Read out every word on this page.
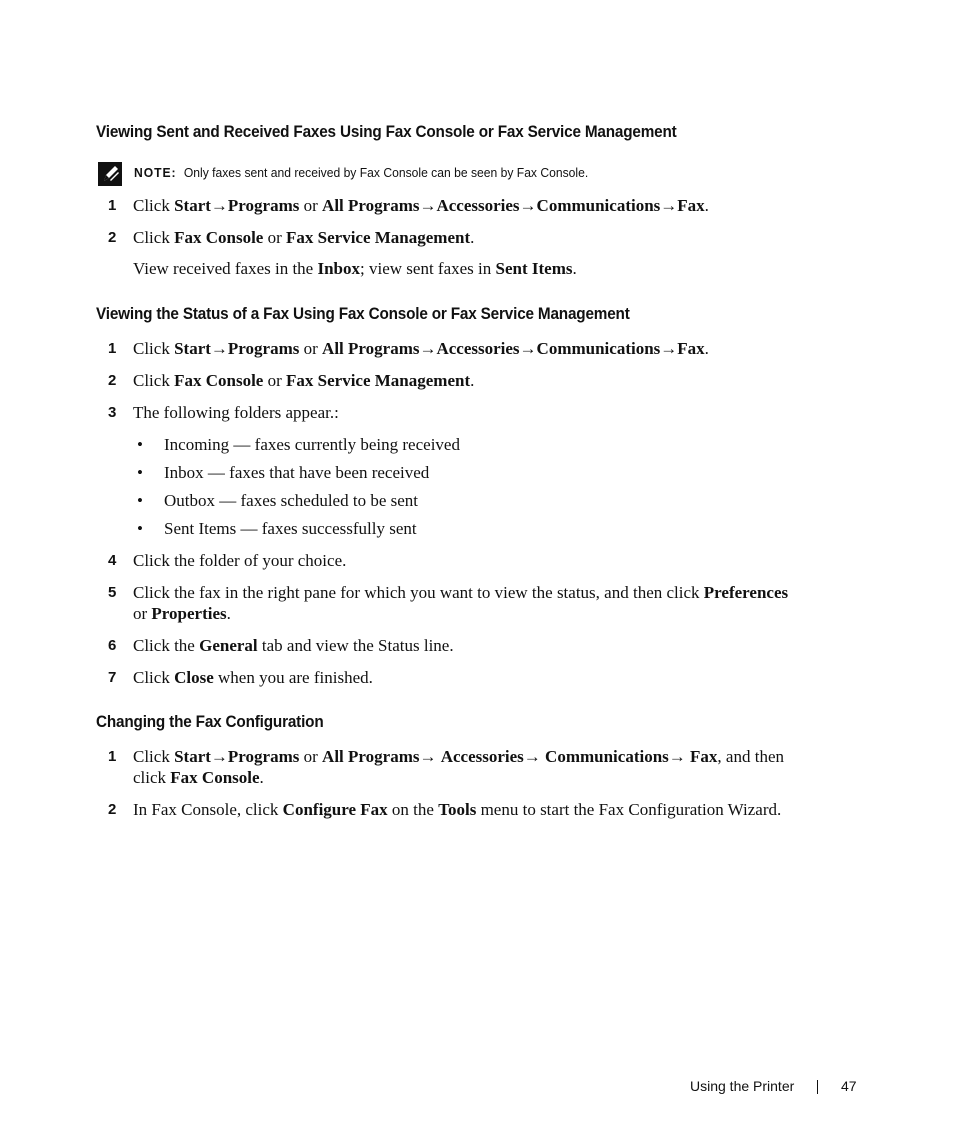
Viewing Sent and Received Faxes Using Fax Console or Fax Service Management
NOTE: Only faxes sent and received by Fax Console can be seen by Fax Console.
1 Click Start→Programs or All Programs→Accessories→Communications→Fax.
2 Click Fax Console or Fax Service Management.
View received faxes in the Inbox; view sent faxes in Sent Items.
Viewing the Status of a Fax Using Fax Console or Fax Service Management
1 Click Start→Programs or All Programs→Accessories→Communications→Fax.
2 Click Fax Console or Fax Service Management.
3 The following folders appear.:
• Incoming — faxes currently being received
• Inbox — faxes that have been received
• Outbox — faxes scheduled to be sent
• Sent Items — faxes successfully sent
4 Click the folder of your choice.
5 Click the fax in the right pane for which you want to view the status, and then click Preferences or Properties.
6 Click the General tab and view the Status line.
7 Click Close when you are finished.
Changing the Fax Configuration
1 Click Start→Programs or All Programs→ Accessories→ Communications→ Fax, and then click Fax Console.
2 In Fax Console, click Configure Fax on the Tools menu to start the Fax Configuration Wizard.
Using the Printer	47
